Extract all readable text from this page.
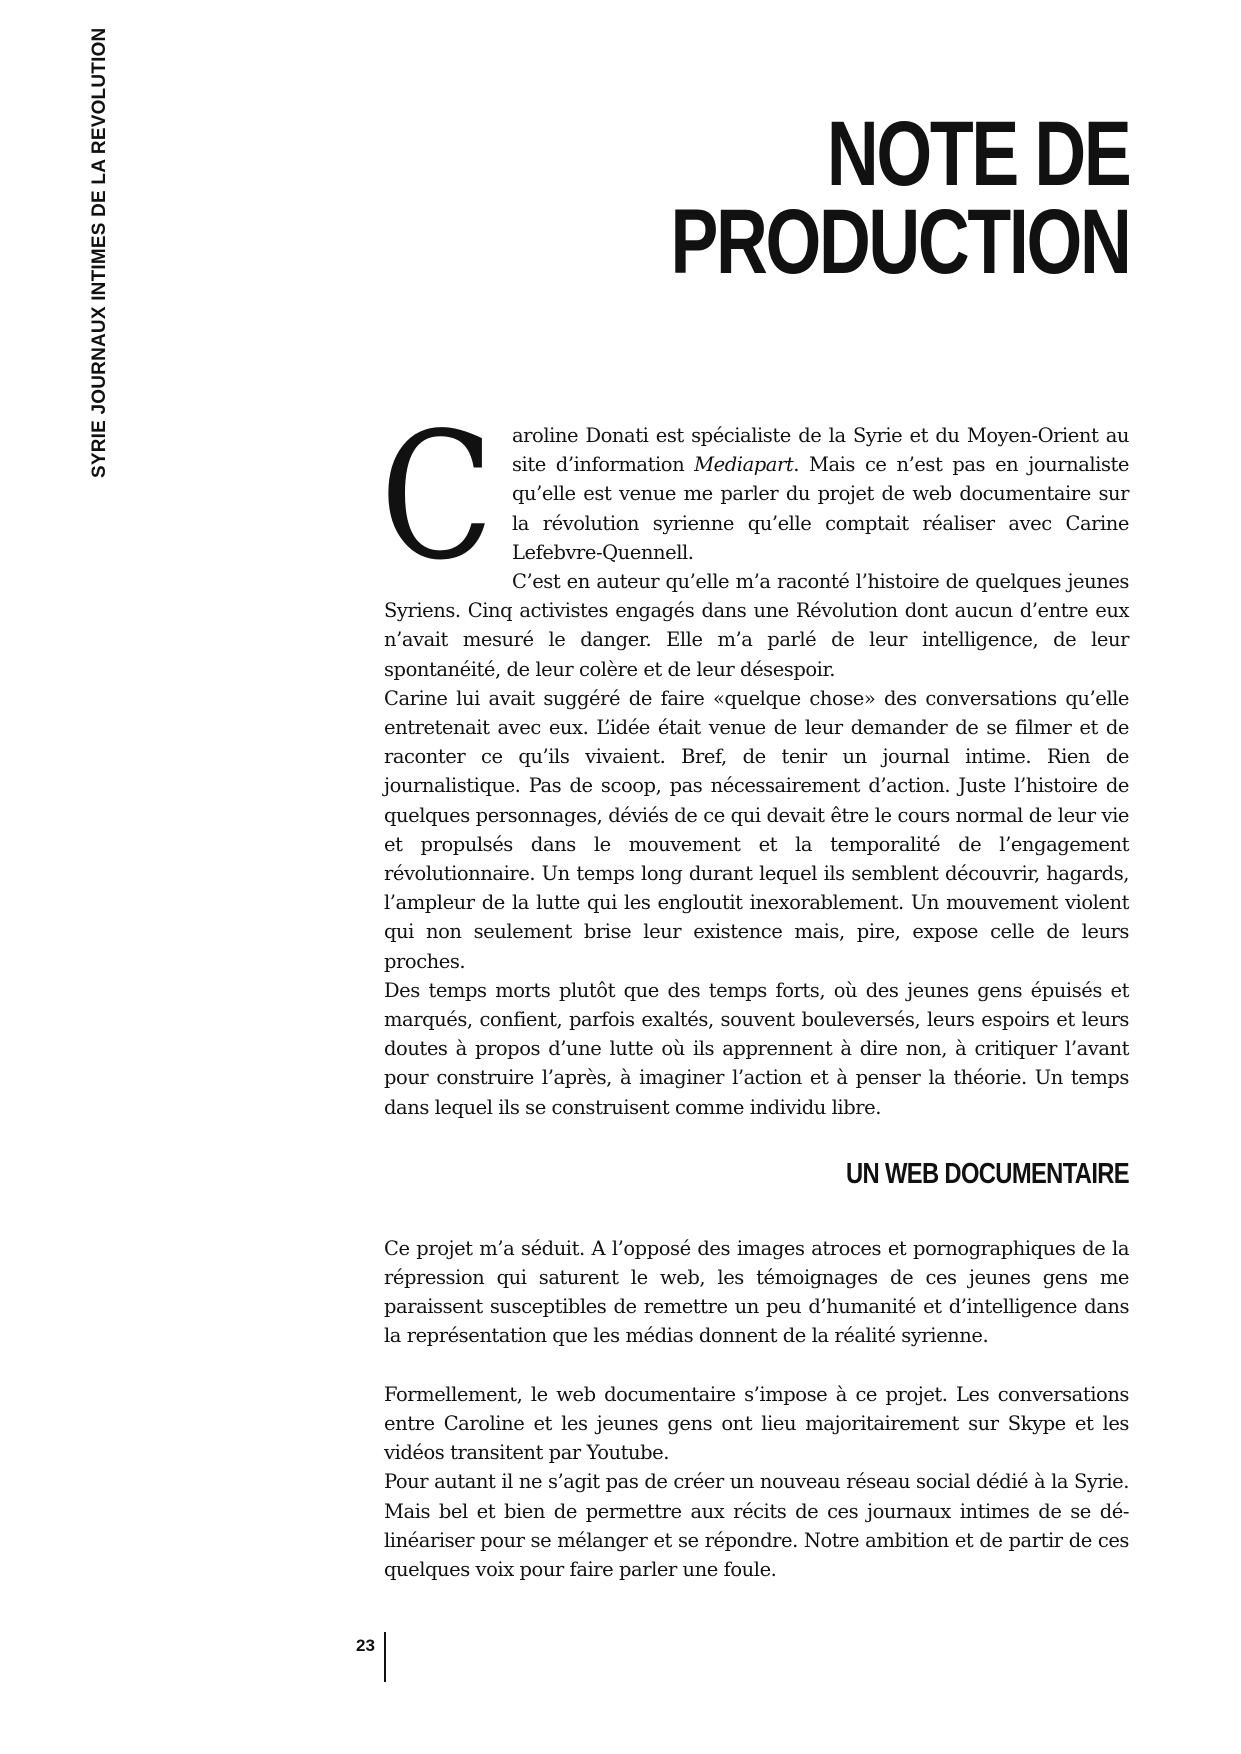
SYRIE JOURNAUX INTIMES DE LA REVOLUTION	NOTE DE
PRODUCTION

Caroline Donati est spécialiste de la Syrie et du Moyen-Orient au site d’information Mediapart. Mais ce n’est pas en journaliste qu’elle est venue me parler du projet de web documentaire sur la révolution syrienne qu’elle comptait réaliser avec Carine Lefebvre-Quennell.

C’est en auteur qu’elle m’a raconté l’histoire de quelques jeunes Syriens. Cinq activistes engagés dans une Révolution dont aucun d’entre eux n’avait mesuré le danger. Elle m’a parlé de leur intelligence, de leur spontanéité, de leur colère et de leur désespoir.

Carine lui avait suggéré de faire «quelque chose» des conversations qu’elle entretenait avec eux. L’idée était venue de leur demander de se filmer et de raconter ce qu’ils vivaient. Bref, de tenir un journal intime. Rien de journalistique. Pas de scoop, pas nécessairement d’action. Juste l’histoire de quelques personnages, déviés de ce qui devait être le cours normal de leur vie et propulsés dans le mouvement et la temporalité de l’engagement révolutionnaire. Un temps long durant lequel ils semblent découvrir, hagards, l’ampleur de la lutte qui les engloutit inexorablement. Un mouvement violent qui non seulement brise leur existence mais, pire, expose celle de leurs proches.

Des temps morts plutôt que des temps forts, où des jeunes gens épuisés et marqués, confient, parfois exaltés, souvent bouleversés, leurs espoirs et leurs doutes à propos d’une lutte où ils apprennent à dire non, à critiquer l’avant pour construire l’après, à imaginer l’action et à penser la théorie. Un temps dans lequel ils se construisent comme individu libre.

UN WEB DOCUMENTAIRE

Ce projet m’a séduit. A l’opposé des images atroces et pornographiques de la répression qui saturent le web, les témoignages de ces jeunes gens me paraissent susceptibles de remettre un peu d’humanité et d’intelligence dans la représentation que les médias donnent de la réalité syrienne.

Formellement, le web documentaire s’impose à ce projet. Les conversations entre Caroline et les jeunes gens ont lieu majoritairement sur Skype et les vidéos transitent par Youtube.

Pour autant il ne s’agit pas de créer un nouveau réseau social dédié à la Syrie. Mais bel et bien de permettre aux récits de ces journaux intimes de se dé-linéariser pour se mélanger et se répondre. Notre ambition et de partir de ces quelques voix pour faire parler une foule.

23
